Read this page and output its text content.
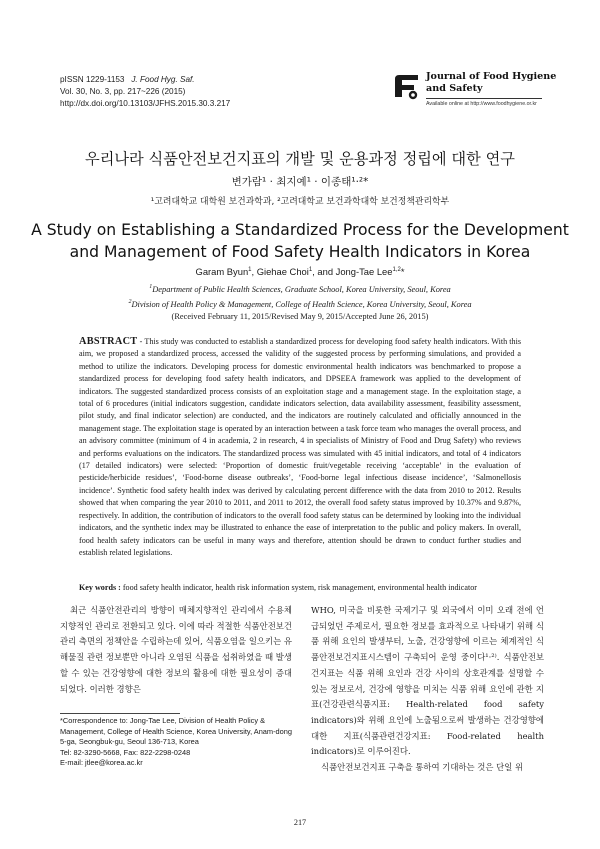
pISSN 1229-1153 J. Food Hyg. Saf.
Vol. 30, No. 3, pp. 217~226 (2015)
http://dx.doi.org/10.13103/JFHS.2015.30.3.217
Journal of Food Hygiene
and Safety
Available online at http://www.foodhygiene.or.kr
우리나라 식품안전보건지표의 개발 및 운용과정 정립에 대한 연구
변가람¹ · 최지예¹ · 이종태¹·²*
¹고려대학교 대학원 보건과학과, ²고려대학교 보건과학대학 보건정책관리학부
A Study on Establishing a Standardized Process for the Development and Management of Food Safety Health Indicators in Korea
Garam Byun$^1$, Giehae Choi$^1$, and Jong-Tae Lee$^{1,2}$*
$^1$Department of Public Health Sciences, Graduate School, Korea University, Seoul, Korea
$^2$Division of Health Policy & Management, College of Health Science, Korea University, Seoul, Korea
(Received February 11, 2015/Revised May 9, 2015/Accepted June 26, 2015)
ABSTRACT - This study was conducted to establish a standardized process for developing food safety health indicators. With this aim, we proposed a standardized process, accessed the validity of the suggested process by performing simulations, and provided a method to utilize the indicators. Developing process for domestic environmental health indicators was benchmarked to propose a standardized process for developing food safety health indicators, and DPSEEA framework was applied to the development of indicators. The suggested standardized process consists of an exploitation stage and a management stage. In the exploitation stage, a total of 6 procedures (initial indicators suggestion, candidate indicators selection, data availability assessment, feasibility assessment, pilot study, and final indicator selection) are conducted, and the indicators are routinely calculated and officially announced in the management stage. The exploitation stage is operated by an interaction between a task force team who manages the overall process, and an advisory committee (minimum of 4 in academia, 2 in research, 4 in specialists of Ministry of Food and Drug Safety) who reviews and performs evaluations on the indicators. The standardized process was simulated with 45 initial indicators, and total of 4 indicators (17 detailed indicators) were selected: ‘Proportion of domestic fruit/vegetable receiving ‘acceptable’ in the evaluation of pesticide/herbicide residues’, ‘Food-borne disease outbreaks’, ‘Food-borne legal infectious disease incidence’, ‘Salmonellosis incidence’. Synthetic food safety health index was derived by calculating percent difference with the data from 2010 to 2012. Results showed that when comparing the year 2010 to 2011, and 2011 to 2012, the overall food safety status improved by 10.37% and 9.87%, respectively. In addition, the contribution of indicators to the overall food safety status can be determined by looking into the individual indicators, and the synthetic index may be illustrated to enhance the ease of interpretation to the public and policy makers. In overall, food health safety indicators can be useful in many ways and therefore, attention should be drawn to conduct further studies and establish related legislations.
Key words : food safety health indicator, health risk information system, risk management, environmental health indicator
최근 식품안전관리의 방향이 매체지향적인 관리에서 수용체지향적인 관리로 전환되고 있다. 이에 따라 적절한 식품안전보건관리 측면의 정책안을 수립하는데 있어, 식품오염을 일으키는 유해물질 관련 정보뿐만 아니라 오염된 식품을 섭취하였을 때 발생할 수 있는 건강영향에 대한 정보의 활용에 대한 필요성이 증대되었다. 이러한 경향은
WHO, 미국을 비롯한 국제기구 및 외국에서 이미 오래 전에 언급되었던 주제로서, 필요한 정보를 효과적으로 나타내기 위해 식품 위해 요인의 발생부터, 노출, 건강영향에 이르는 체계적인 식품안전보건지표시스템이 구축되어 운영 중이다¹·²⁾. 식품안전보건지표는 식품 위해 요인과 건강 사이의 상호관계를 설명할 수 있는 정보로서, 건강에 영향을 미치는 식품 위해 요인에 관한 지표(건강관련식품지표: Health-related food safety indicators)와 위해 요인에 노출됨으로써 발생하는 건강영향에 대한 지표(식품관련건강지표: Food-related health indicators)로 이루어진다.
식품안전보건지표 구축을 통하여 기대하는 것은 단일 위
*Correspondence to: Jong-Tae Lee, Division of Health Policy & Management, College of Health Science, Korea University, Anam-dong 5-ga, Seongbuk-gu, Seoul 136-713, Korea
Tel: 82-3290-5668, Fax: 822-2298-0248
E-mail: jtlee@korea.ac.kr
217
